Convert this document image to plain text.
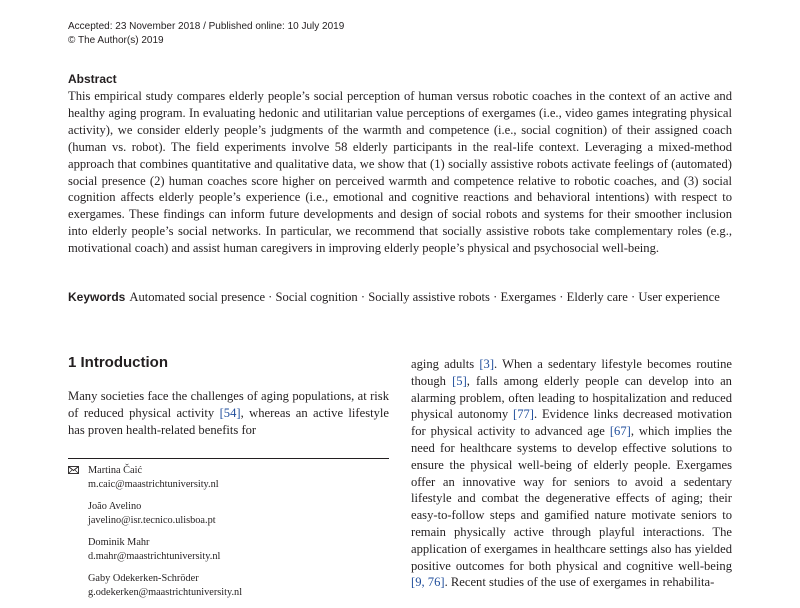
Accepted: 23 November 2018 / Published online: 10 July 2019
© The Author(s) 2019
Abstract

This empirical study compares elderly people’s social perception of human versus robotic coaches in the context of an active and healthy aging program. In evaluating hedonic and utilitarian value perceptions of exergames (i.e., video games integrating physical activity), we consider elderly people’s judgments of the warmth and competence (i.e., social cognition) of their assigned coach (human vs. robot). The field experiments involve 58 elderly participants in the real-life context. Leveraging a mixed-method approach that combines quantitative and qualitative data, we show that (1) socially assistive robots activate feelings of (automated) social presence (2) human coaches score higher on perceived warmth and competence relative to robotic coaches, and (3) social cognition affects elderly people’s experience (i.e., emotional and cognitive reactions and behavioral intentions) with respect to exergames. These findings can inform future developments and design of social robots and systems for their smoother inclusion into elderly people’s social networks. In particular, we recommend that socially assistive robots take complementary roles (e.g., motivational coach) and assist human caregivers in improving elderly people’s physical and psychosocial well-being.

Keywords Automated social presence · Social cognition · Socially assistive robots · Exergames · Elderly care · User experience

1 Introduction

Many societies face the challenges of aging populations, at risk of reduced physical activity [54], whereas an active lifestyle has proven health-related benefits for

Martina Čaić
m.caic@maastrichtuniversity.nl
João Avelino
javelino@isr.tecnico.ulisboa.pt
Dominik Mahr
d.mahr@maastrichtuniversity.nl
Gaby Odekerken-Schröder
g.odekerken@maastrichtuniversity.nl

aging adults [3]. When a sedentary lifestyle becomes routine though [5], falls among elderly people can develop into an alarming problem, often leading to hospitalization and reduced physical autonomy [77]. Evidence links decreased motivation for physical activity to advanced age [67], which implies the need for healthcare systems to develop effective solutions to ensure the physical well-being of elderly people. Exergames offer an innovative way for seniors to avoid a sedentary lifestyle and combat the degenerative effects of aging; their easy-to-follow steps and gamified nature motivate seniors to remain physically active through playful interactions. The application of exergames in healthcare settings also has yielded positive outcomes for both physical and cognitive well-being [9, 76]. Recent studies of the use of exergames in rehabilita-
